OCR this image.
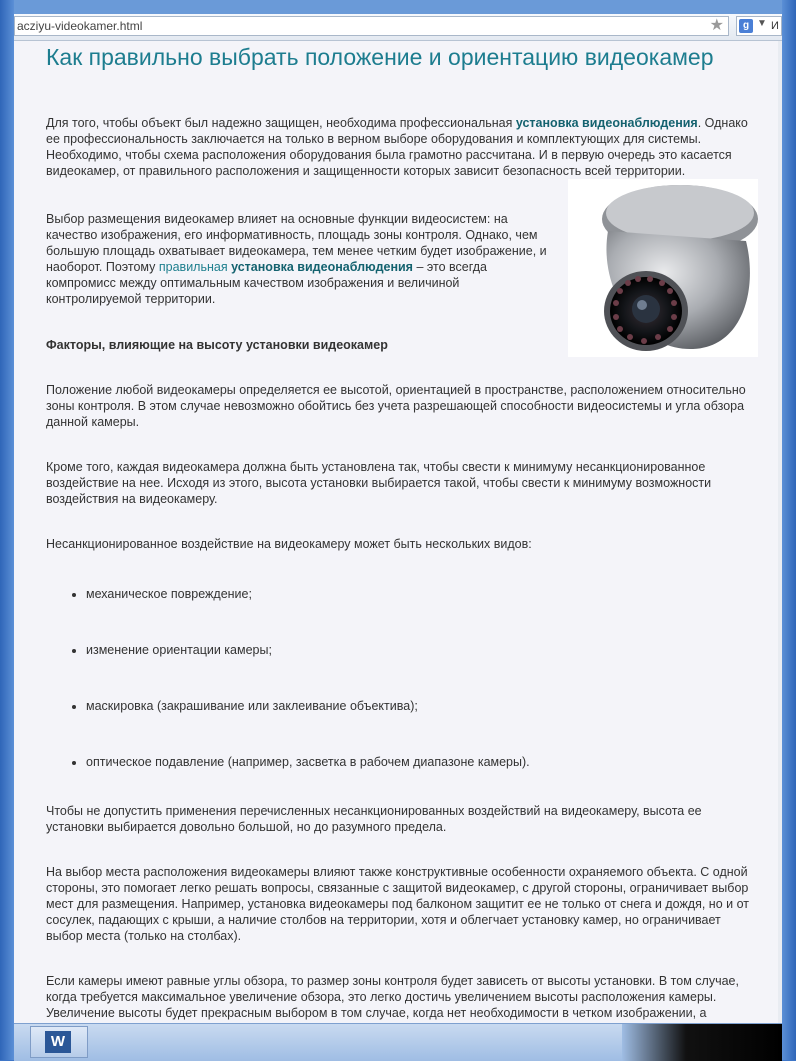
acziyu-videokamer.html	★	g ▼ И
Как правильно выбрать положение и ориентацию видеокамер

Для того, чтобы объект был надежно защищен, необходима профессиональная установка видеонаблюдения. Однако ее профессиональность заключается на только в верном выборе оборудования и комплектующих для системы. Необходимо, чтобы схема расположения оборудования была грамотно рассчитана. И в первую очередь это касается видеокамер, от правильного расположения и защищенности которых зависит безопасность всей территории.

Выбор размещения видеокамер влияет на основные функции видеосистем: на качество изображения, его информативность, площадь зоны контроля. Однако, чем большую площадь охватывает видеокамера, тем менее четким будет изображение, и наоборот. Поэтому правильная установка видеонаблюдения – это всегда компромисс между оптимальным качеством изображения и величиной контролируемой территории.

Факторы, влияющие на высоту установки видеокамер

Положение любой видеокамеры определяется ее высотой, ориентацией в пространстве, расположением относительно зоны контроля. В этом случае невозможно обойтись без учета разрешающей способности видеосистемы и угла обзора данной камеры.

Кроме того, каждая видеокамера должна быть установлена так, чтобы свести к минимуму несанкционированное воздействие на нее. Исходя из этого, высота установки выбирается такой, чтобы свести к минимуму возможности воздействия на видеокамеру.

Несанкционированное воздействие на видеокамеру может быть нескольких видов:

• механическое повреждение;
• изменение ориентации камеры;
• маскировка (закрашивание или заклеивание объектива);
• оптическое подавление (например, засветка в рабочем диапазоне камеры).

Чтобы не допустить применения перечисленных несанкционированных воздействий на видеокамеру, высота ее установки выбирается довольно большой, но до разумного предела.

На выбор места расположения видеокамеры влияют также конструктивные особенности охраняемого объекта. С одной стороны, это помогает легко решать вопросы, связанные с защитой видеокамер, с другой стороны, ограничивает выбор мест для размещения. Например, установка видеокамеры под балконом защитит ее не только от снега и дождя, но и от сосулек, падающих с крыши, а наличие столбов на территории, хотя и облегчает установку камер, но ограничивает выбор места (только на столбах).

Если камеры имеют равные углы обзора, то размер зоны контроля будет зависеть от высоты установки. В том случае, когда требуется максимальное увеличение обзора, это легко достичь увеличением высоты расположения камеры. Увеличение высоты будет прекрасным выбором в том случае, когда нет необходимости в четком изображении, а

W
